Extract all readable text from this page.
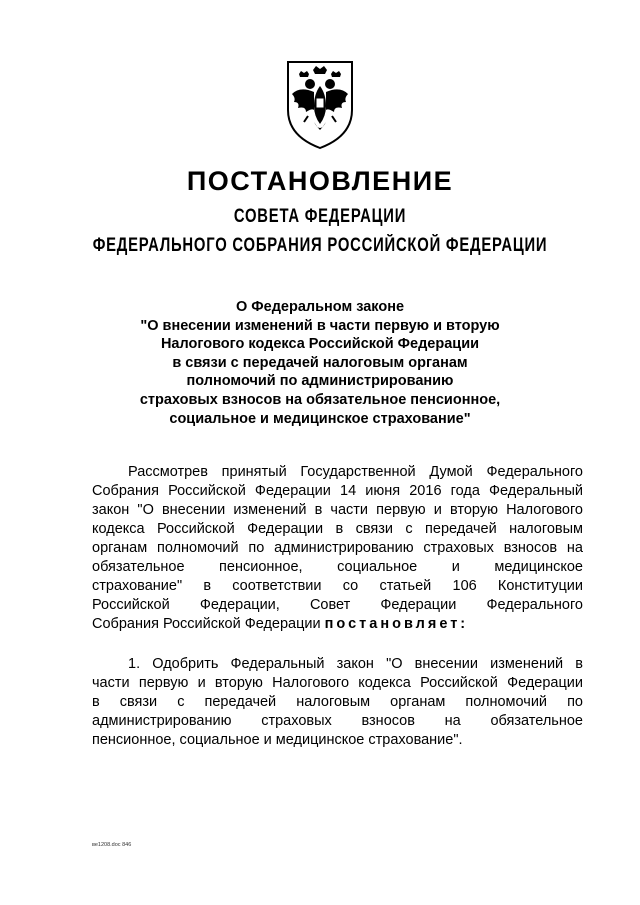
ПОСТАНОВЛЕНИЕ
СОВЕТА ФЕДЕРАЦИИ
ФЕДЕРАЛЬНОГО СОБРАНИЯ РОССИЙСКОЙ ФЕДЕРАЦИИ
О Федеральном законе
"О внесении изменений в части первую и вторую
Налогового кодекса Российской Федерации
в связи с передачей налоговым органам
полномочий по администрированию
страховых взносов на обязательное пенсионное,
социальное и медицинское страхование"
Рассмотрев принятый Государственной Думой Федерального
Собрания Российской Федерации 14 июня 2016 года Федеральный
закон "О внесении изменений в части первую и вторую Налогового
кодекса Российской Федерации в связи с передачей налоговым
органам полномочий по администрированию страховых взносов на
обязательное пенсионное, социальное и медицинское
страхование" в соответствии со статьей 106 Конституции
Российской Федерации, Совет Федерации Федерального
Собрания Российской Федерации постановляет:
1. Одобрить Федеральный закон "О внесении изменений в
части первую и вторую Налогового кодекса Российской Федерации
в связи с передачей налоговым органам полномочий по
администрированию страховых взносов на обязательное
пенсионное, социальное и медицинское страхование".
ве1208.doc 846
